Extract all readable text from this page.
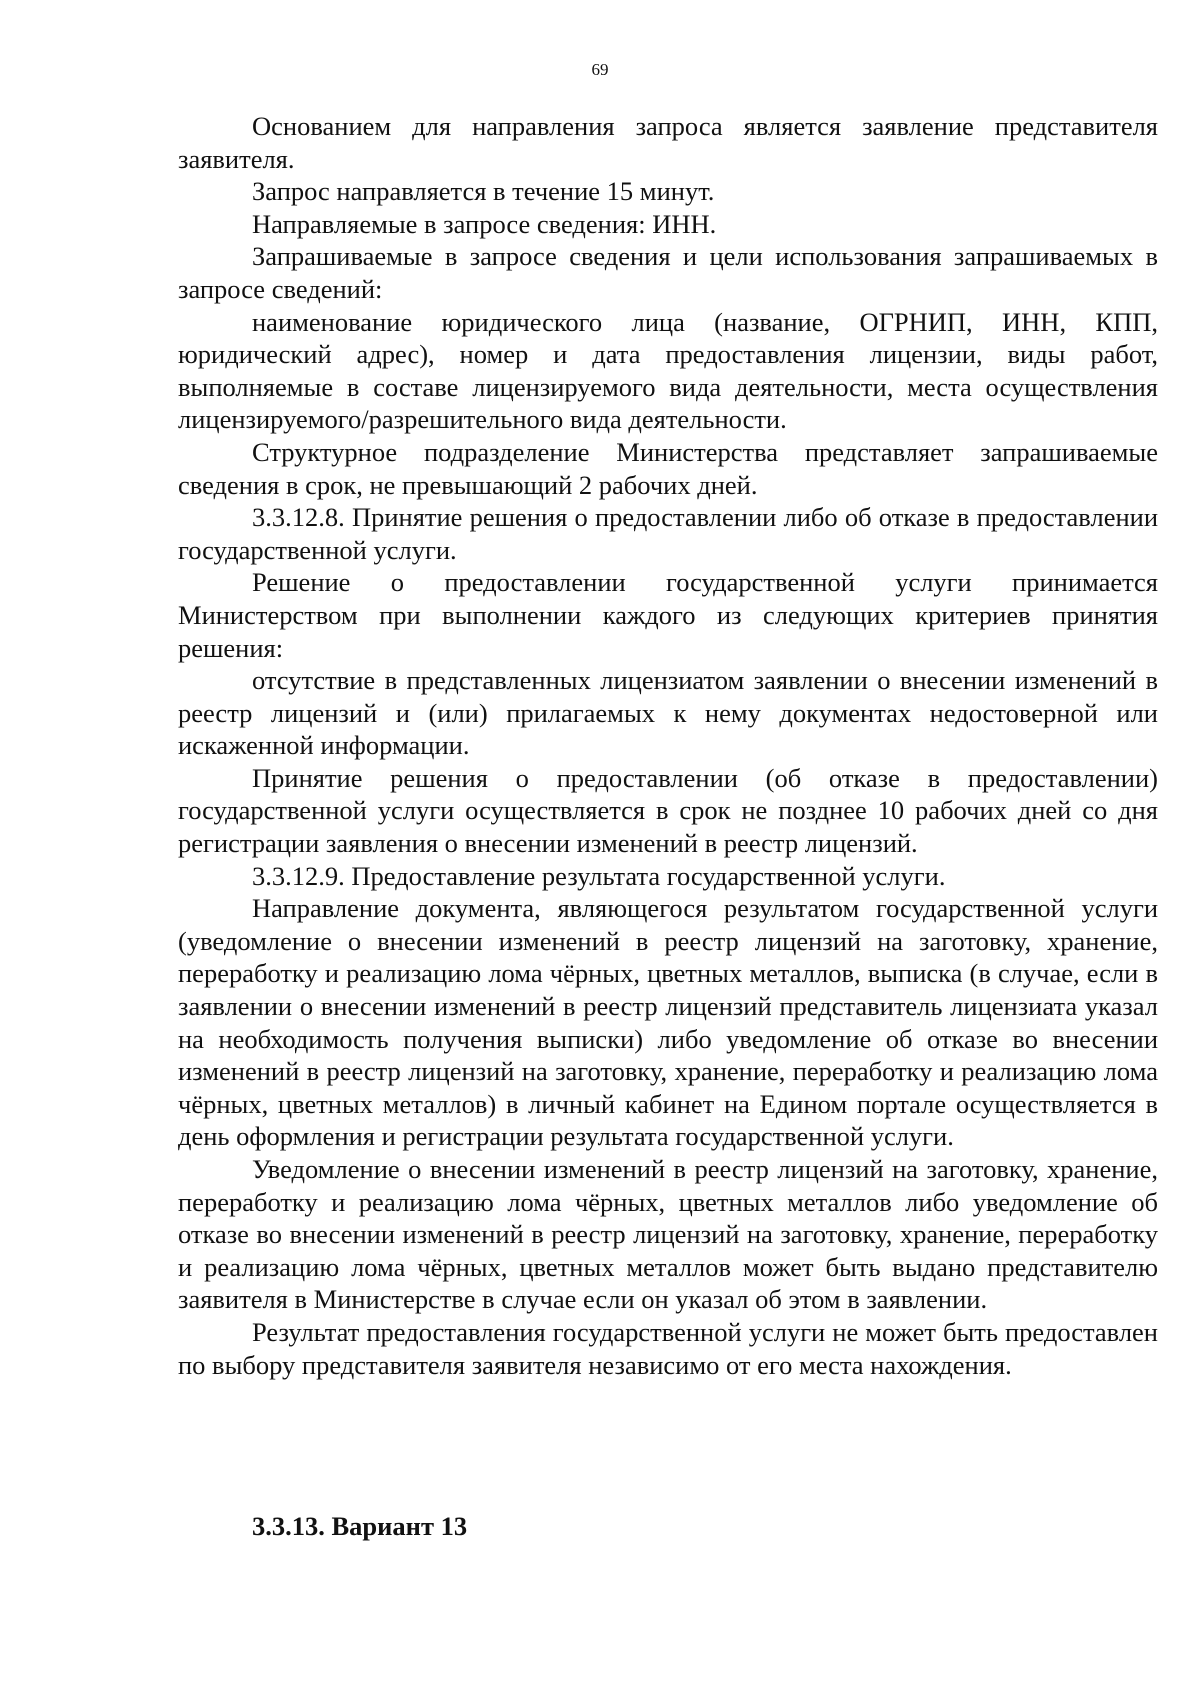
69

Основанием для направления запроса является заявление представителя заявителя.

Запрос направляется в течение 15 минут.

Направляемые в запросе сведения: ИНН.

Запрашиваемые в запросе сведения и цели использования запрашиваемых в запросе сведений:

наименование юридического лица (название, ОГРНИП, ИНН, КПП, юридический адрес), номер и дата предоставления лицензии, виды работ, выполняемые в составе лицензируемого вида деятельности, места осуществления лицензируемого/разрешительного вида деятельности.

Структурное подразделение Министерства представляет запрашиваемые сведения в срок, не превышающий 2 рабочих дней.

3.3.12.8. Принятие решения о предоставлении либо об отказе в предоставлении государственной услуги.

Решение о предоставлении государственной услуги принимается Министерством при выполнении каждого из следующих критериев принятия решения:

отсутствие в представленных лицензиатом заявлении о внесении изменений в реестр лицензий и (или) прилагаемых к нему документах недостоверной или искаженной информации.

Принятие решения о предоставлении (об отказе в предоставлении) государственной услуги осуществляется в срок не позднее 10 рабочих дней со дня регистрации заявления о внесении изменений в реестр лицензий.

3.3.12.9. Предоставление результата государственной услуги.

Направление документа, являющегося результатом государственной услуги (уведомление о внесении изменений в реестр лицензий на заготовку, хранение, переработку и реализацию лома чёрных, цветных металлов, выписка (в случае, если в заявлении о внесении изменений в реестр лицензий представитель лицензиата указал на необходимость получения выписки) либо уведомление об отказе во внесении изменений в реестр лицензий на заготовку, хранение, переработку и реализацию лома чёрных, цветных металлов) в личный кабинет на Едином портале осуществляется в день оформления и регистрации результата государственной услуги.

Уведомление о внесении изменений в реестр лицензий на заготовку, хранение, переработку и реализацию лома чёрных, цветных металлов либо уведомление об отказе во внесении изменений в реестр лицензий на заготовку, хранение, переработку и реализацию лома чёрных, цветных металлов может быть выдано представителю заявителя в Министерстве в случае если он указал об этом в заявлении.

Результат предоставления государственной услуги не может быть предоставлен по выбору представителя заявителя независимо от его места нахождения.

3.3.13. Вариант 13
